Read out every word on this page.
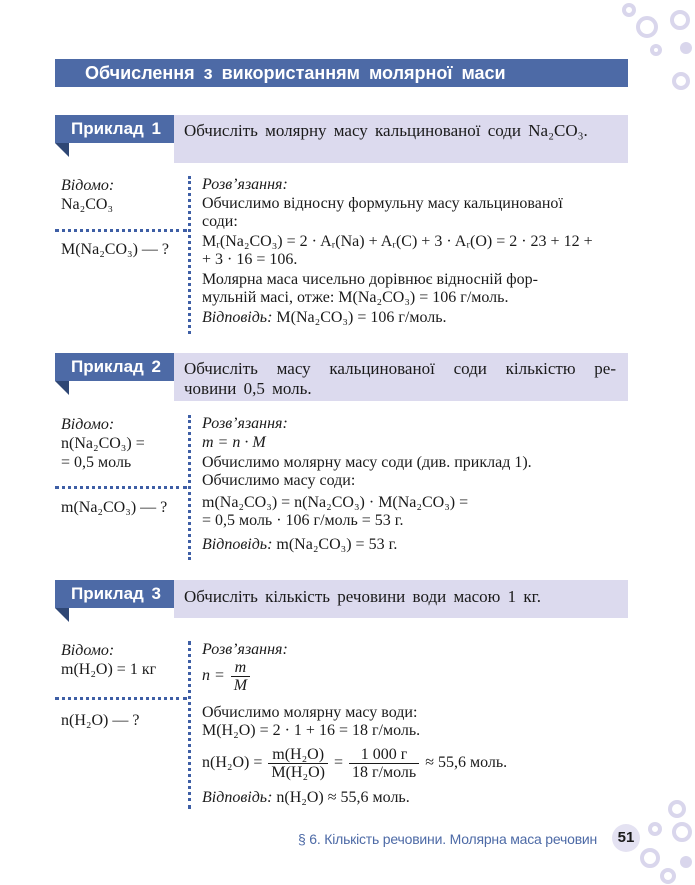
Обчислення з використанням молярної маси
Приклад 1	Обчисліть молярну масу кальцинованої соди Na₂CO₃.
Відомо:
Na₂CO₃
M(Na₂CO₃) — ?
Розв’язання:
Обчислимо відносну формульну масу кальцинованої
соди:
Mᵣ(Na₂CO₃) = 2 · Aᵣ(Na) + Aᵣ(C) + 3 · Aᵣ(O) = 2 · 23 + 12 +
+ 3 · 16 = 106.
Молярна маса чисельно дорівнює відносній фор-
мульній масі, отже: M(Na₂CO₃) = 106 г/моль.
Відповідь: M(Na₂CO₃) = 106 г/моль.
Приклад 2	Обчисліть масу кальцинованої соди кількістю ре- човини 0,5 моль.
Відомо:
n(Na₂CO₃) =
= 0,5 моль
m(Na₂CO₃) — ?
Розв’язання:
m = n · M
Обчислимо молярну масу соди (див. приклад 1).
Обчислимо масу соди:
m(Na₂CO₃) = n(Na₂CO₃) · M(Na₂CO₃) =
= 0,5 моль · 106 г/моль = 53 г.
Відповідь: m(Na₂CO₃) = 53 г.
Приклад 3	Обчисліть кількість речовини води масою 1 кг.
Відомо:
m(H₂O) = 1 кг
n(H₂O) — ?
Розв’язання:
$n = \frac{m}{M}$
Обчислимо молярну масу води:
M(H₂O) = 2 · 1 + 16 = 18 г/моль.
$n(H_2O) = \frac{\text{m(H₂O)}}{\text{M(H₂O)}} = \frac{1 000 г}{\text{18 г/моль}} \approx 55,6$ моль.
Відповідь: n(H₂O) ≈ 55,6 моль.
§ 6. Кількість речовини. Молярна маса речовин	51
